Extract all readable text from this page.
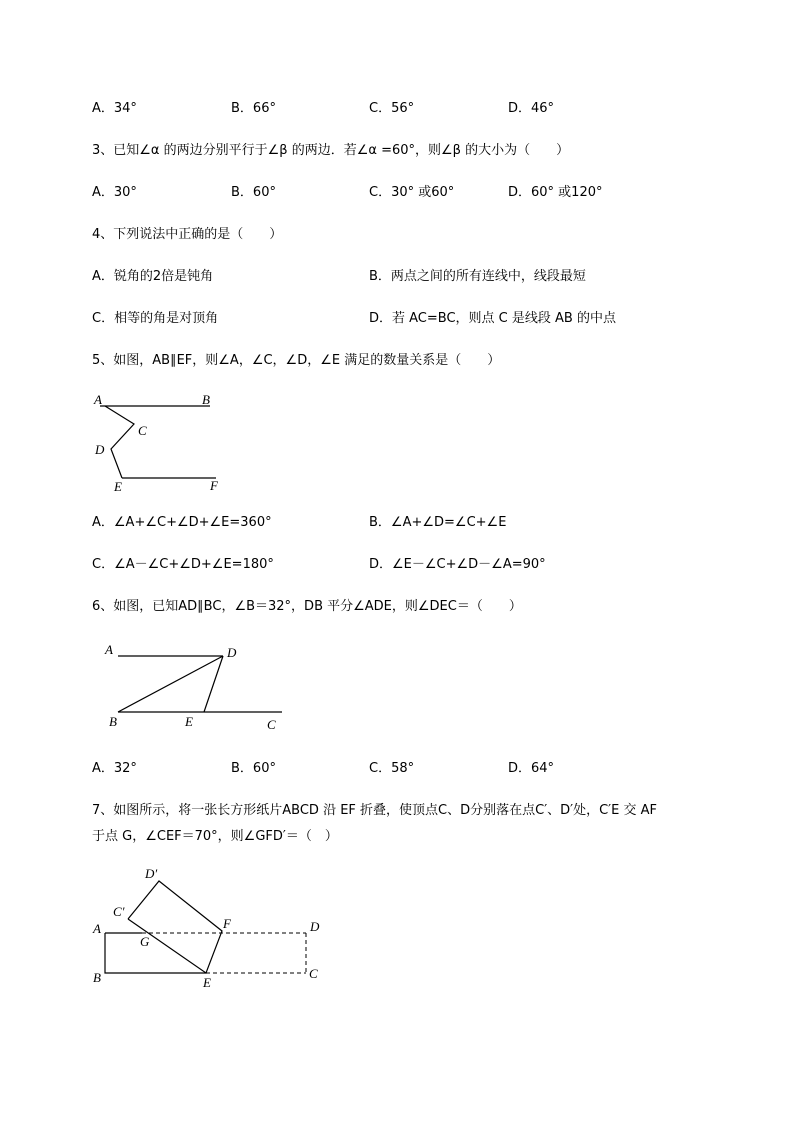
A．34°	B．66°	C．56°	D．46°
3、已知∠α 的两边分别平行于∠β 的两边．若∠α =60°，则∠β 的大小为（　　）
A．30°	B．60°	C．30° 或60°	D．60° 或120°
4、下列说法中正确的是（　　）
A．锐角的2倍是钝角	B．两点之间的所有连线中，线段最短
C．相等的角是对顶角	D．若 AC=BC，则点 C 是线段 AB 的中点
5、如图，AB∥EF，则∠A，∠C，∠D，∠E 满足的数量关系是（　　）
A	B
C
D
E	F
A．∠A+∠C+∠D+∠E=360°	B．∠A+∠D=∠C+∠E
C．∠A－∠C+∠D+∠E=180°	D．∠E－∠C+∠D－∠A=90°
6、如图，已知AD∥BC，∠B＝32°，DB 平分∠ADE，则∠DEC＝（　　）
A	D
B	E	C
A．32°	B．60°	C．58°	D．64°
7、如图所示，将一张长方形纸片ABCD 沿 EF 折叠，使顶点C、D分别落在点C′、D′处，C′E 交 AF
于点 G，∠CEF＝70°，则∠GFD′＝（　）
D′
C′
A
G
F	D
B	E
C
